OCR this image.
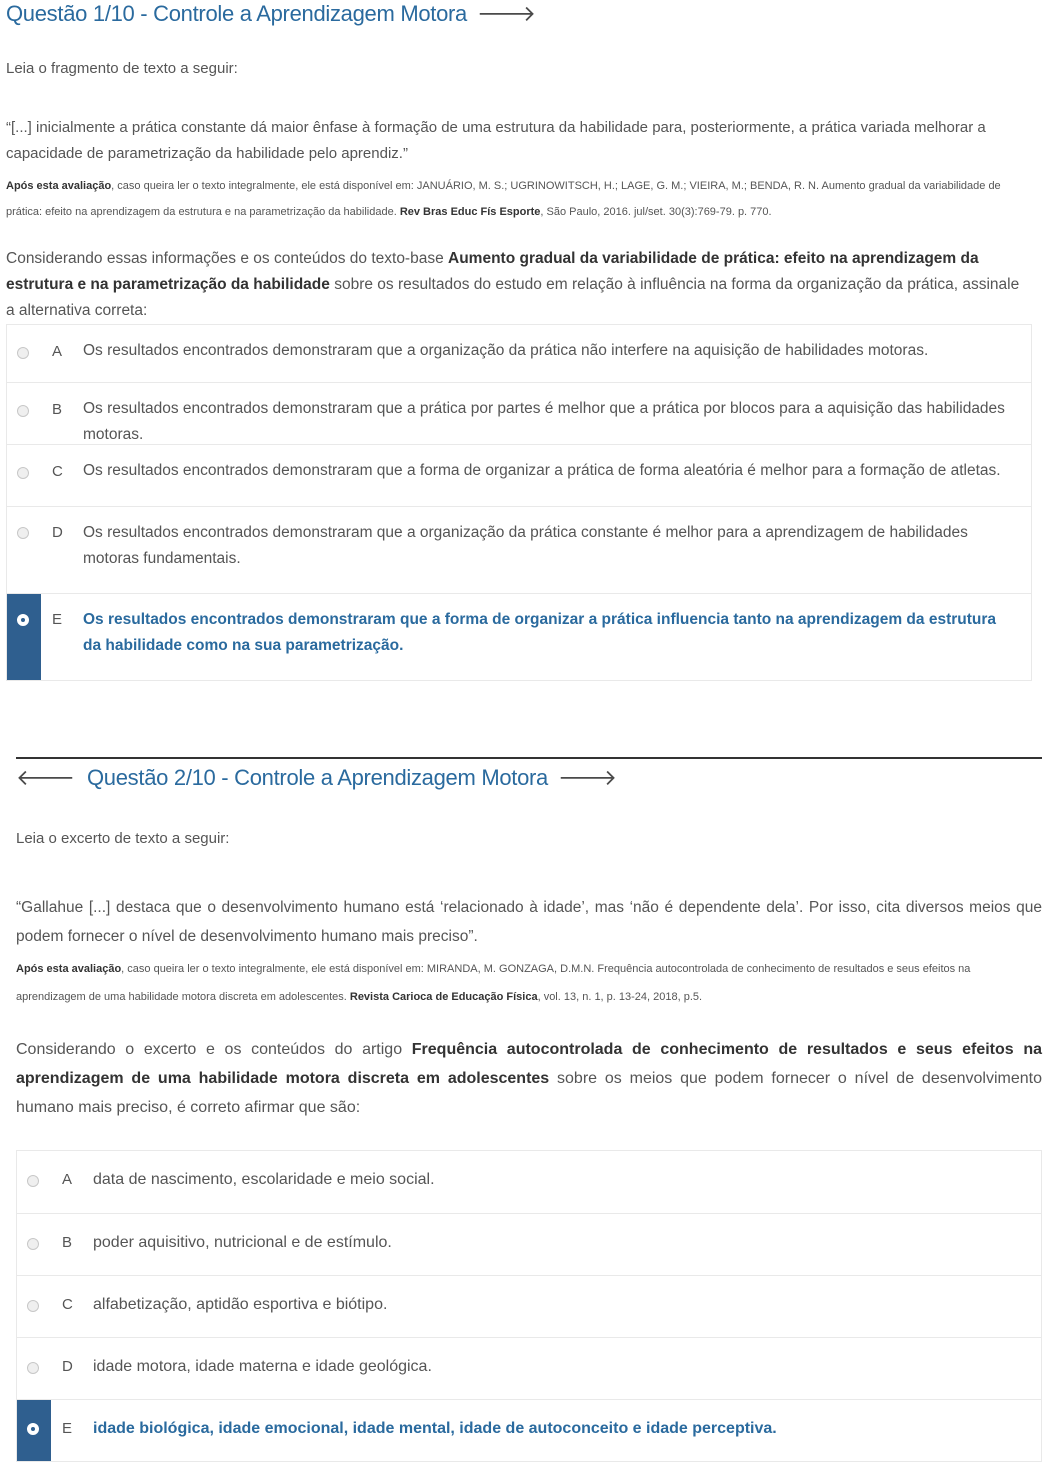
Questão 1/10 - Controle a Aprendizagem Motora 🡒
Leia o fragmento de texto a seguir:
“[...] inicialmente a prática constante dá maior ênfase à formação de uma estrutura da habilidade para, posteriormente, a prática variada melhorar a capacidade de parametrização da habilidade pelo aprendiz.”
Após esta avaliação, caso queira ler o texto integralmente, ele está disponível em: JANUÁRIO, M. S.; UGRINOWITSCH, H.; LAGE, G. M.; VIEIRA, M.; BENDA, R. N. Aumento gradual da variabilidade de prática: efeito na aprendizagem da estrutura e na parametrização da habilidade. Rev Bras Educ Fís Esporte, São Paulo, 2016. jul/set. 30(3):769-79. p. 770.
Considerando essas informações e os conteúdos do texto-base Aumento gradual da variabilidade de prática: efeito na aprendizagem da estrutura e na parametrização da habilidade sobre os resultados do estudo em relação à influência na forma da organização da prática, assinale a alternativa correta:
A	Os resultados encontrados demonstraram que a organização da prática não interfere na aquisição de habilidades motoras.
B	Os resultados encontrados demonstraram que a prática por partes é melhor que a prática por blocos para a aquisição das habilidades motoras.
C	Os resultados encontrados demonstraram que a forma de organizar a prática de forma aleatória é melhor para a formação de atletas.
D	Os resultados encontrados demonstraram que a organização da prática constante é melhor para a aprendizagem de habilidades motoras fundamentais.
E	Os resultados encontrados demonstraram que a forma de organizar a prática influencia tanto na aprendizagem da estrutura da habilidade como na sua parametrização.
🡐 Questão 2/10 - Controle a Aprendizagem Motora 🡒
Leia o excerto de texto a seguir:
“Gallahue [...] destaca que o desenvolvimento humano está ‘relacionado à idade’, mas ‘não é dependente dela’. Por isso, cita diversos meios que podem fornecer o nível de desenvolvimento humano mais preciso”.
Após esta avaliação, caso queira ler o texto integralmente, ele está disponível em: MIRANDA, M. GONZAGA, D.M.N. Frequência autocontrolada de conhecimento de resultados e seus efeitos na aprendizagem de uma habilidade motora discreta em adolescentes. Revista Carioca de Educação Física, vol. 13, n. 1, p. 13-24, 2018, p.5.
Considerando o excerto e os conteúdos do artigo Frequência autocontrolada de conhecimento de resultados e seus efeitos na aprendizagem de uma habilidade motora discreta em adolescentes sobre os meios que podem fornecer o nível de desenvolvimento humano mais preciso, é correto afirmar que são:
A	data de nascimento, escolaridade e meio social.
B	poder aquisitivo, nutricional e de estímulo.
C	alfabetização, aptidão esportiva e biótipo.
D	idade motora, idade materna e idade geológica.
E	idade biológica, idade emocional, idade mental, idade de autoconceito e idade perceptiva.
